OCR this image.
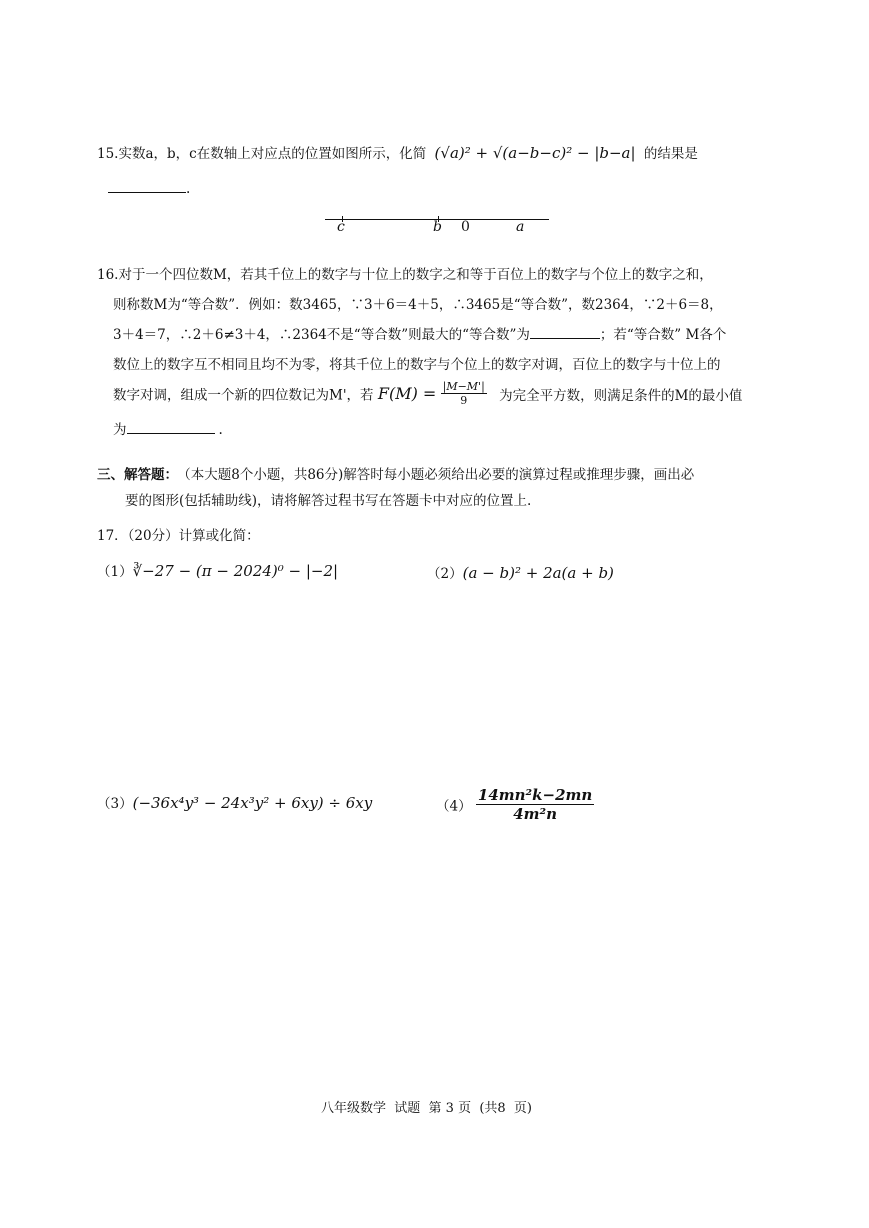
15.实数a，b，c在数轴上对应点的位置如图所示，化简 (√a)² + √(a−b−c)² − |b−a| 的结果是
.
c	b 0	a
16.对于一个四位数M，若其千位上的数字与十位上的数字之和等于百位上的数字与个位上的数字之和，
则称数M为“等合数”．例如：数3465，∵3＋6＝4＋5，∴3465是“等合数”，数2364，∵2＋6＝8，
3＋4＝7，∴2＋6≠3＋4，∴2364不是“等合数”则最大的“等合数”为	；若“等合数” M各个
数位上的数字互不相同且均不为零，将其千位上的数字与个位上的数字对调，百位上的数字与十位上的
数字对调，组成一个新的四位数记为M'，若 $F(M) = \frac{|M-M'|}{9}$ 为完全平方数，则满足条件的M的最小值
为	.
三、解答题： （本大题8个小题，共86分)解答时每小题必须给出必要的演算过程或推理步骤，画出必
要的图形(包括辅助线)，请将解答过程书写在答题卡中对应的位置上.
17．（20分）计算或化简：
（1）∛−27 − (π − 2024)⁰ − |−2|	（2）(a − b)² + 2a(a + b)
（3）(−36x⁴y³ − 24x³y² + 6xy) ÷ 6xy	$(4) \frac{\text{14mn²k−2mn}}{\text{4m²n}}$
八年级数学  试题  第 3 页  (共8  页)
